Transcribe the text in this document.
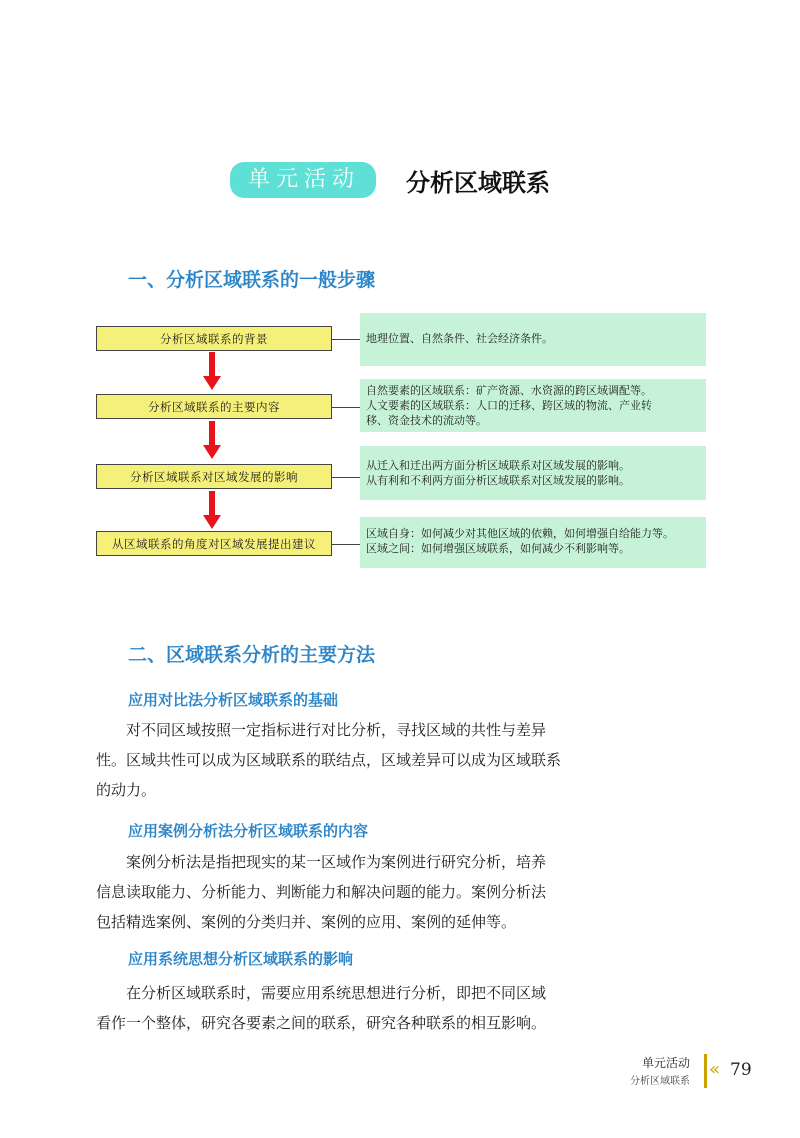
单元活动	分析区域联系
一、分析区域联系的一般步骤
分析区域联系的背景	地理位置、自然条件、社会经济条件。
分析区域联系的主要内容
自然要素的区域联系：矿产资源、水资源的跨区域调配等。
人文要素的区域联系：人口的迁移、跨区域的物流、产业转
移、资金技术的流动等。
分析区域联系对区域发展的影响
从迁入和迁出两方面分析区域联系对区域发展的影响。
从有利和不利两方面分析区域联系对区域发展的影响。
从区域联系的角度对区域发展提出建议
区域自身：如何减少对其他区域的依赖，如何增强自给能力等。
区域之间：如何增强区域联系，如何减少不利影响等。
二、区域联系分析的主要方法
应用对比法分析区域联系的基础
对不同区域按照一定指标进行对比分析，寻找区域的共性与差异
性。区域共性可以成为区域联系的联结点，区域差异可以成为区域联系
的动力。
应用案例分析法分析区域联系的内容
案例分析法是指把现实的某一区域作为案例进行研究分析，培养
信息读取能力、分析能力、判断能力和解决问题的能力。案例分析法
包括精选案例、案例的分类归并、案例的应用、案例的延伸等。
应用系统思想分析区域联系的影响
在分析区域联系时，需要应用系统思想进行分析，即把不同区域
看作一个整体，研究各要素之间的联系，研究各种联系的相互影响。
单元活动
分析区域联系
« 79
